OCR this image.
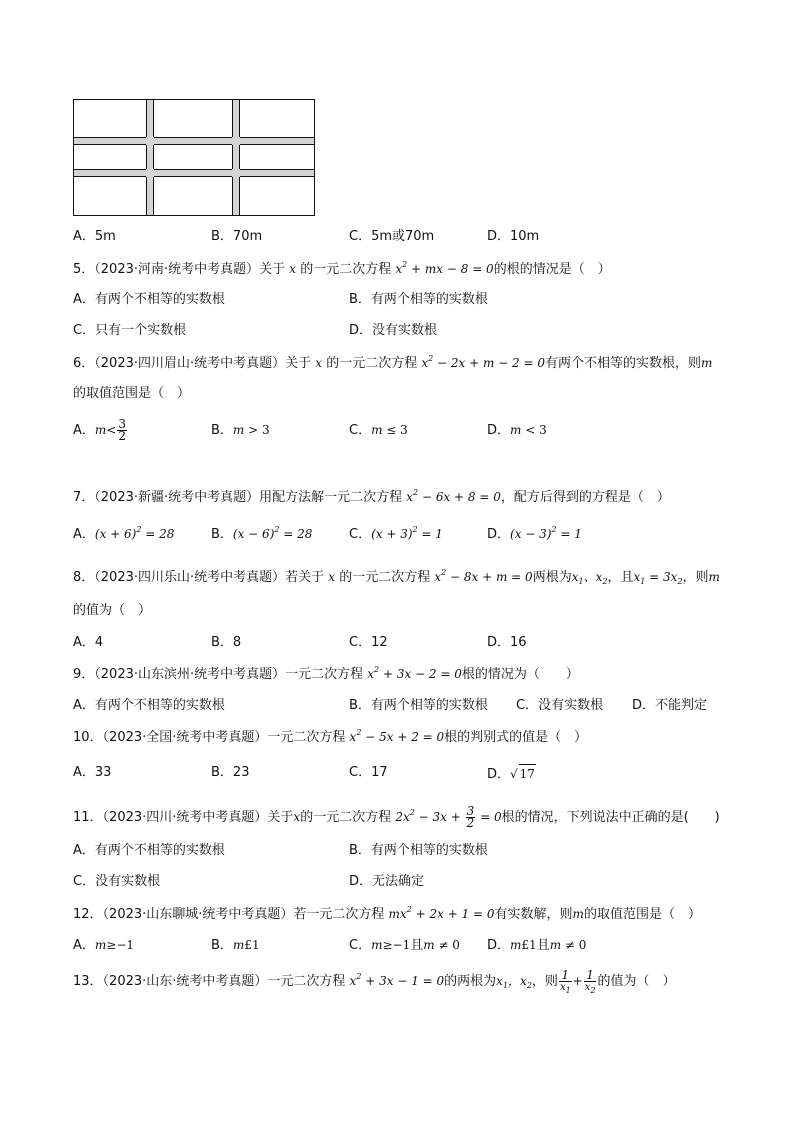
A．5m	B．70m	C．5m或70m	D．10m
5．（2023·河南·统考中考真题）关于 x 的一元二次方程 $x^2$ + mx − 8 = 0的根的情况是（　）
A．有两个不相等的实数根	B．有两个相等的实数根
C．只有一个实数根	D．没有实数根
6．（2023·四川眉山·统考中考真题）关于 x 的一元二次方程 $x^2 - 2x + m - 2 = 0$有两个不相等的实数根，则m
的取值范围是（　）
A．$m< \frac{3}{2}$	B．m > 3	C．m ≤ 3	D．m < 3
7．（2023·新疆·统考中考真题）用配方法解一元二次方程 $x^2 - 6x + 8 = 0$，配方后得到的方程是（　）
A．$(x + 6)^2 = 28$	B．$(x - 6)^2 = 28$	C．$(x + 3)^2 = 1$	D．$(x - 3)^2 = 1$
8．（2023·四川乐山·统考中考真题）若关于 x 的一元二次方程 $x^2 - 8x + m = 0$两根为$x_1$、$x_2$，且$x_1 = 3x_2$，则m
的值为（　）
A．4	B．8	C．12	D．16
9．（2023·山东滨州·统考中考真题）一元二次方程 $x^2 + 3x - 2 = 0$根的情况为（　　）
A．有两个不相等的实数根	B．有两个相等的实数根 C．没有实数根 D．不能判定
10．（2023·全国·统考中考真题）一元二次方程 $x^2 - 5x + 2 = 0$根的判别式的值是（　）
A．33	B．23	C．17	D．√ 17
11．（2023·四川·统考中考真题）关于x的一元二次方程 $2x^2 - 3x + \frac{3}{2} = 0$根的情况，下列说法中正确的是(　　)
A．有两个不相等的实数根	B．有两个相等的实数根
C．没有实数根	D．无法确定
12．（2023·山东聊城·统考中考真题）若一元二次方程 $mx^2 + 2x + 1 = 0$有实数解，则m的取值范围是（　）
A．m≥−1	B．m£1	C．m≥−1且m ≠ 0 D．m£1且m ≠ 0
13．（2023·山东·统考中考真题）一元二次方程 $x^2 + 3x - 1 = 0$的两根为$x_1$，$x_2$，则 $\frac{1}{x_1} + \frac{1}{x_2}$ 的值为（　）
